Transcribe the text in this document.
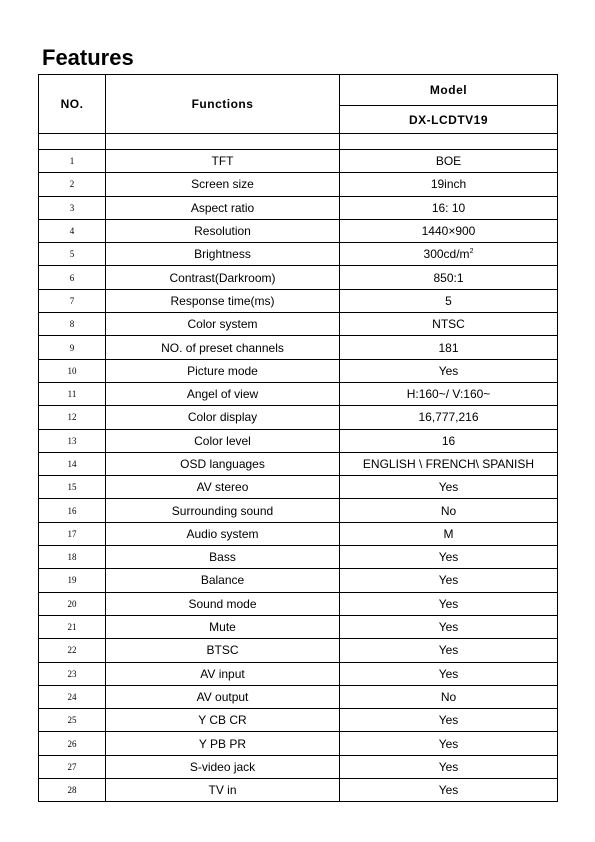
Features
NO.	Functions	Model
		DX-LCDTV19

1	TFT	BOE
2	Screen size	19inch
3	Aspect ratio	16: 10
4	Resolution	1440×900
5	Brightness	$300cd/m^2$
6	Contrast(Darkroom)	850:1
7	Response time(ms)	5
8	Color system	NTSC
9	NO. of preset channels	181
10	Picture mode	Yes
11	Angel of view	H:160~/ V:160~
12	Color display	16,777,216
13	Color level	16
14	OSD languages	ENGLISH \ FRENCH\ SPANISH
15	AV stereo	Yes
16	Surrounding sound	No
17	Audio system	M
18	Bass	Yes
19	Balance	Yes
20	Sound mode	Yes
21	Mute	Yes
22	BTSC	Yes
23	AV input	Yes
24	AV output	No
25	Y CB CR	Yes
26	Y PB PR	Yes
27	S-video jack	Yes
28	TV in	Yes
